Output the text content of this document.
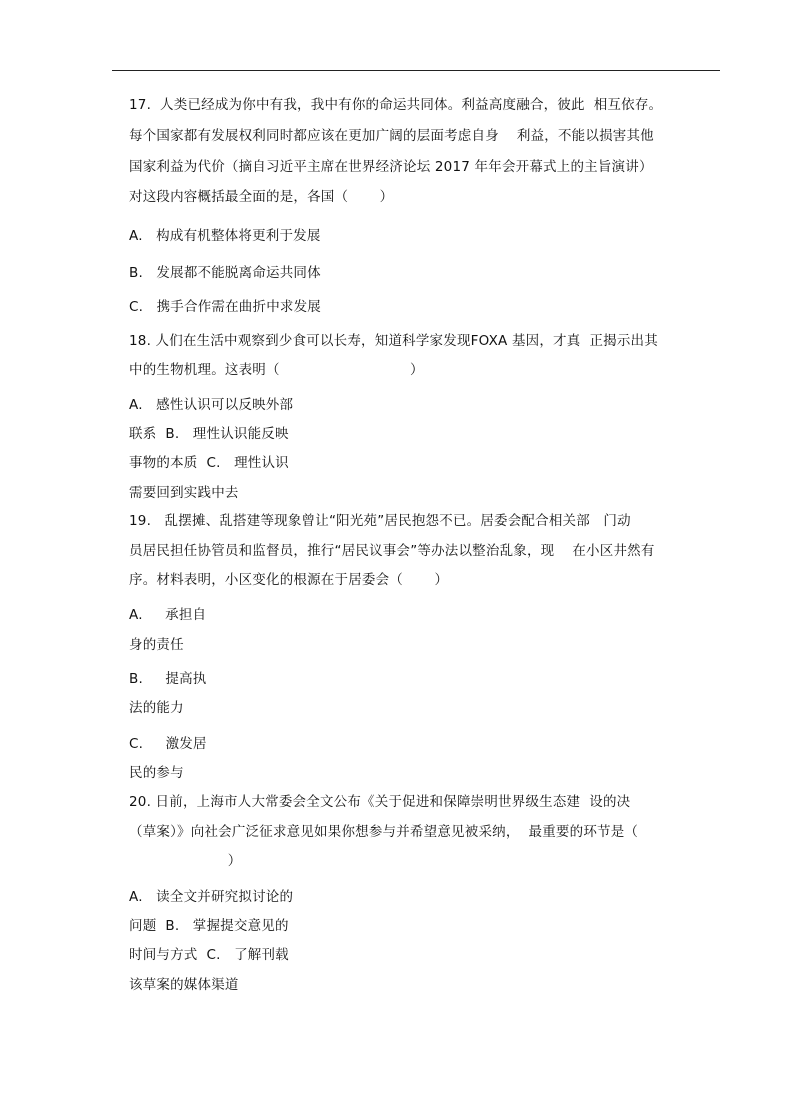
17.  人类已经成为你中有我，我中有你的命运共同体。利益高度融合，彼此  相互依存。
每个国家都有发展权利同时都应该在更加广阔的层面考虑自身    利益，不能以损害其他
国家利益为代价（摘自习近平主席在世界经济论坛 2017 年年会开幕式上的主旨演讲）
对这段内容概括最全面的是，各国（       ）
A.   构成有机整体将更利于发展
B.   发展都不能脱离命运共同体
C.   携手合作需在曲折中求发展
18. 人们在生活中观察到少食可以长寿，知道科学家发现FOXA 基因，才真  正揭示出其
中的生物机理。这表明（                             ）
A.   感性认识可以反映外部
联系  B.   理性认识能反映
事物的本质  C.   理性认识
需要回到实践中去
19.   乱摆摊、乱搭建等现象曾让“阳光苑”居民抱怨不已。居委会配合相关部   门动
员居民担任协管员和监督员，推行“居民议事会”等办法以整治乱象，现    在小区井然有
序。材料表明，小区变化的根源在于居委会（       ）
A.     承担自
身的责任
B.     提高执
法的能力
C.     激发居
民的参与
20. 日前，上海市人大常委会全文公布《关于促进和保障崇明世界级生态建  设的决
（草案）》向社会广泛征求意见如果你想参与并希望意见被采纳，  最重要的环节是（
）
A.   读全文并研究拟讨论的
问题  B.   掌握提交意见的
时间与方式  C.   了解刊载
该草案的媒体渠道
